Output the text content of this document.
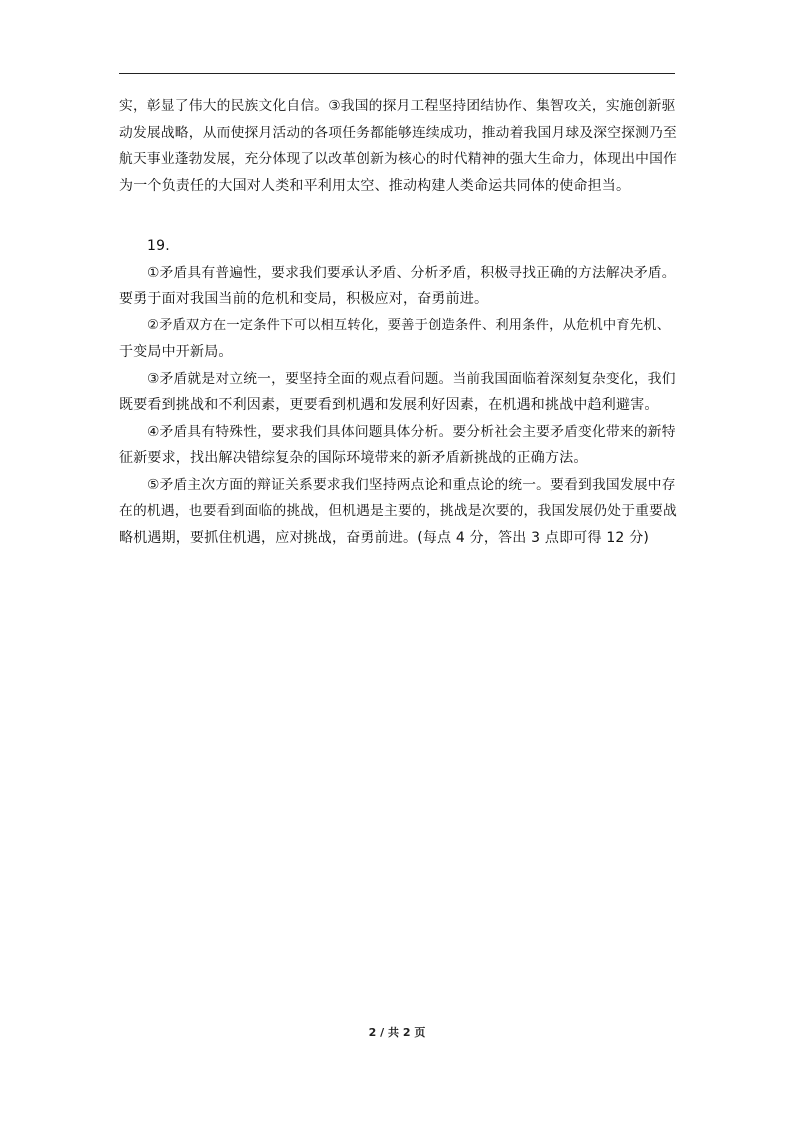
实，彰显了伟大的民族文化自信。③我国的探月工程坚持团结协作、集智攻关，实施创新驱

动发展战略，从而使探月活动的各项任务都能够连续成功，推动着我国月球及深空探测乃至

航天事业蓬勃发展，充分体现了以改革创新为核心的时代精神的强大生命力，体现出中国作

为一个负责任的大国对人类和平利用太空、推动构建人类命运共同体的使命担当。

19.

①矛盾具有普遍性，要求我们要承认矛盾、分析矛盾，积极寻找正确的方法解决矛盾。

要勇于面对我国当前的危机和变局，积极应对，奋勇前进。

②矛盾双方在一定条件下可以相互转化，要善于创造条件、利用条件，从危机中育先机、

于变局中开新局。

③矛盾就是对立统一，要坚持全面的观点看问题。当前我国面临着深刻复杂变化，我们

既要看到挑战和不利因素，更要看到机遇和发展利好因素，在机遇和挑战中趋利避害。

④矛盾具有特殊性，要求我们具体问题具体分析。要分析社会主要矛盾变化带来的新特

征新要求，找出解决错综复杂的国际环境带来的新矛盾新挑战的正确方法。

⑤矛盾主次方面的辩证关系要求我们坚持两点论和重点论的统一。要看到我国发展中存

在的机遇，也要看到面临的挑战，但机遇是主要的，挑战是次要的，我国发展仍处于重要战

略机遇期，要抓住机遇，应对挑战，奋勇前进。(每点 4 分，答出 3 点即可得 12 分)

2 / 共 2 页
